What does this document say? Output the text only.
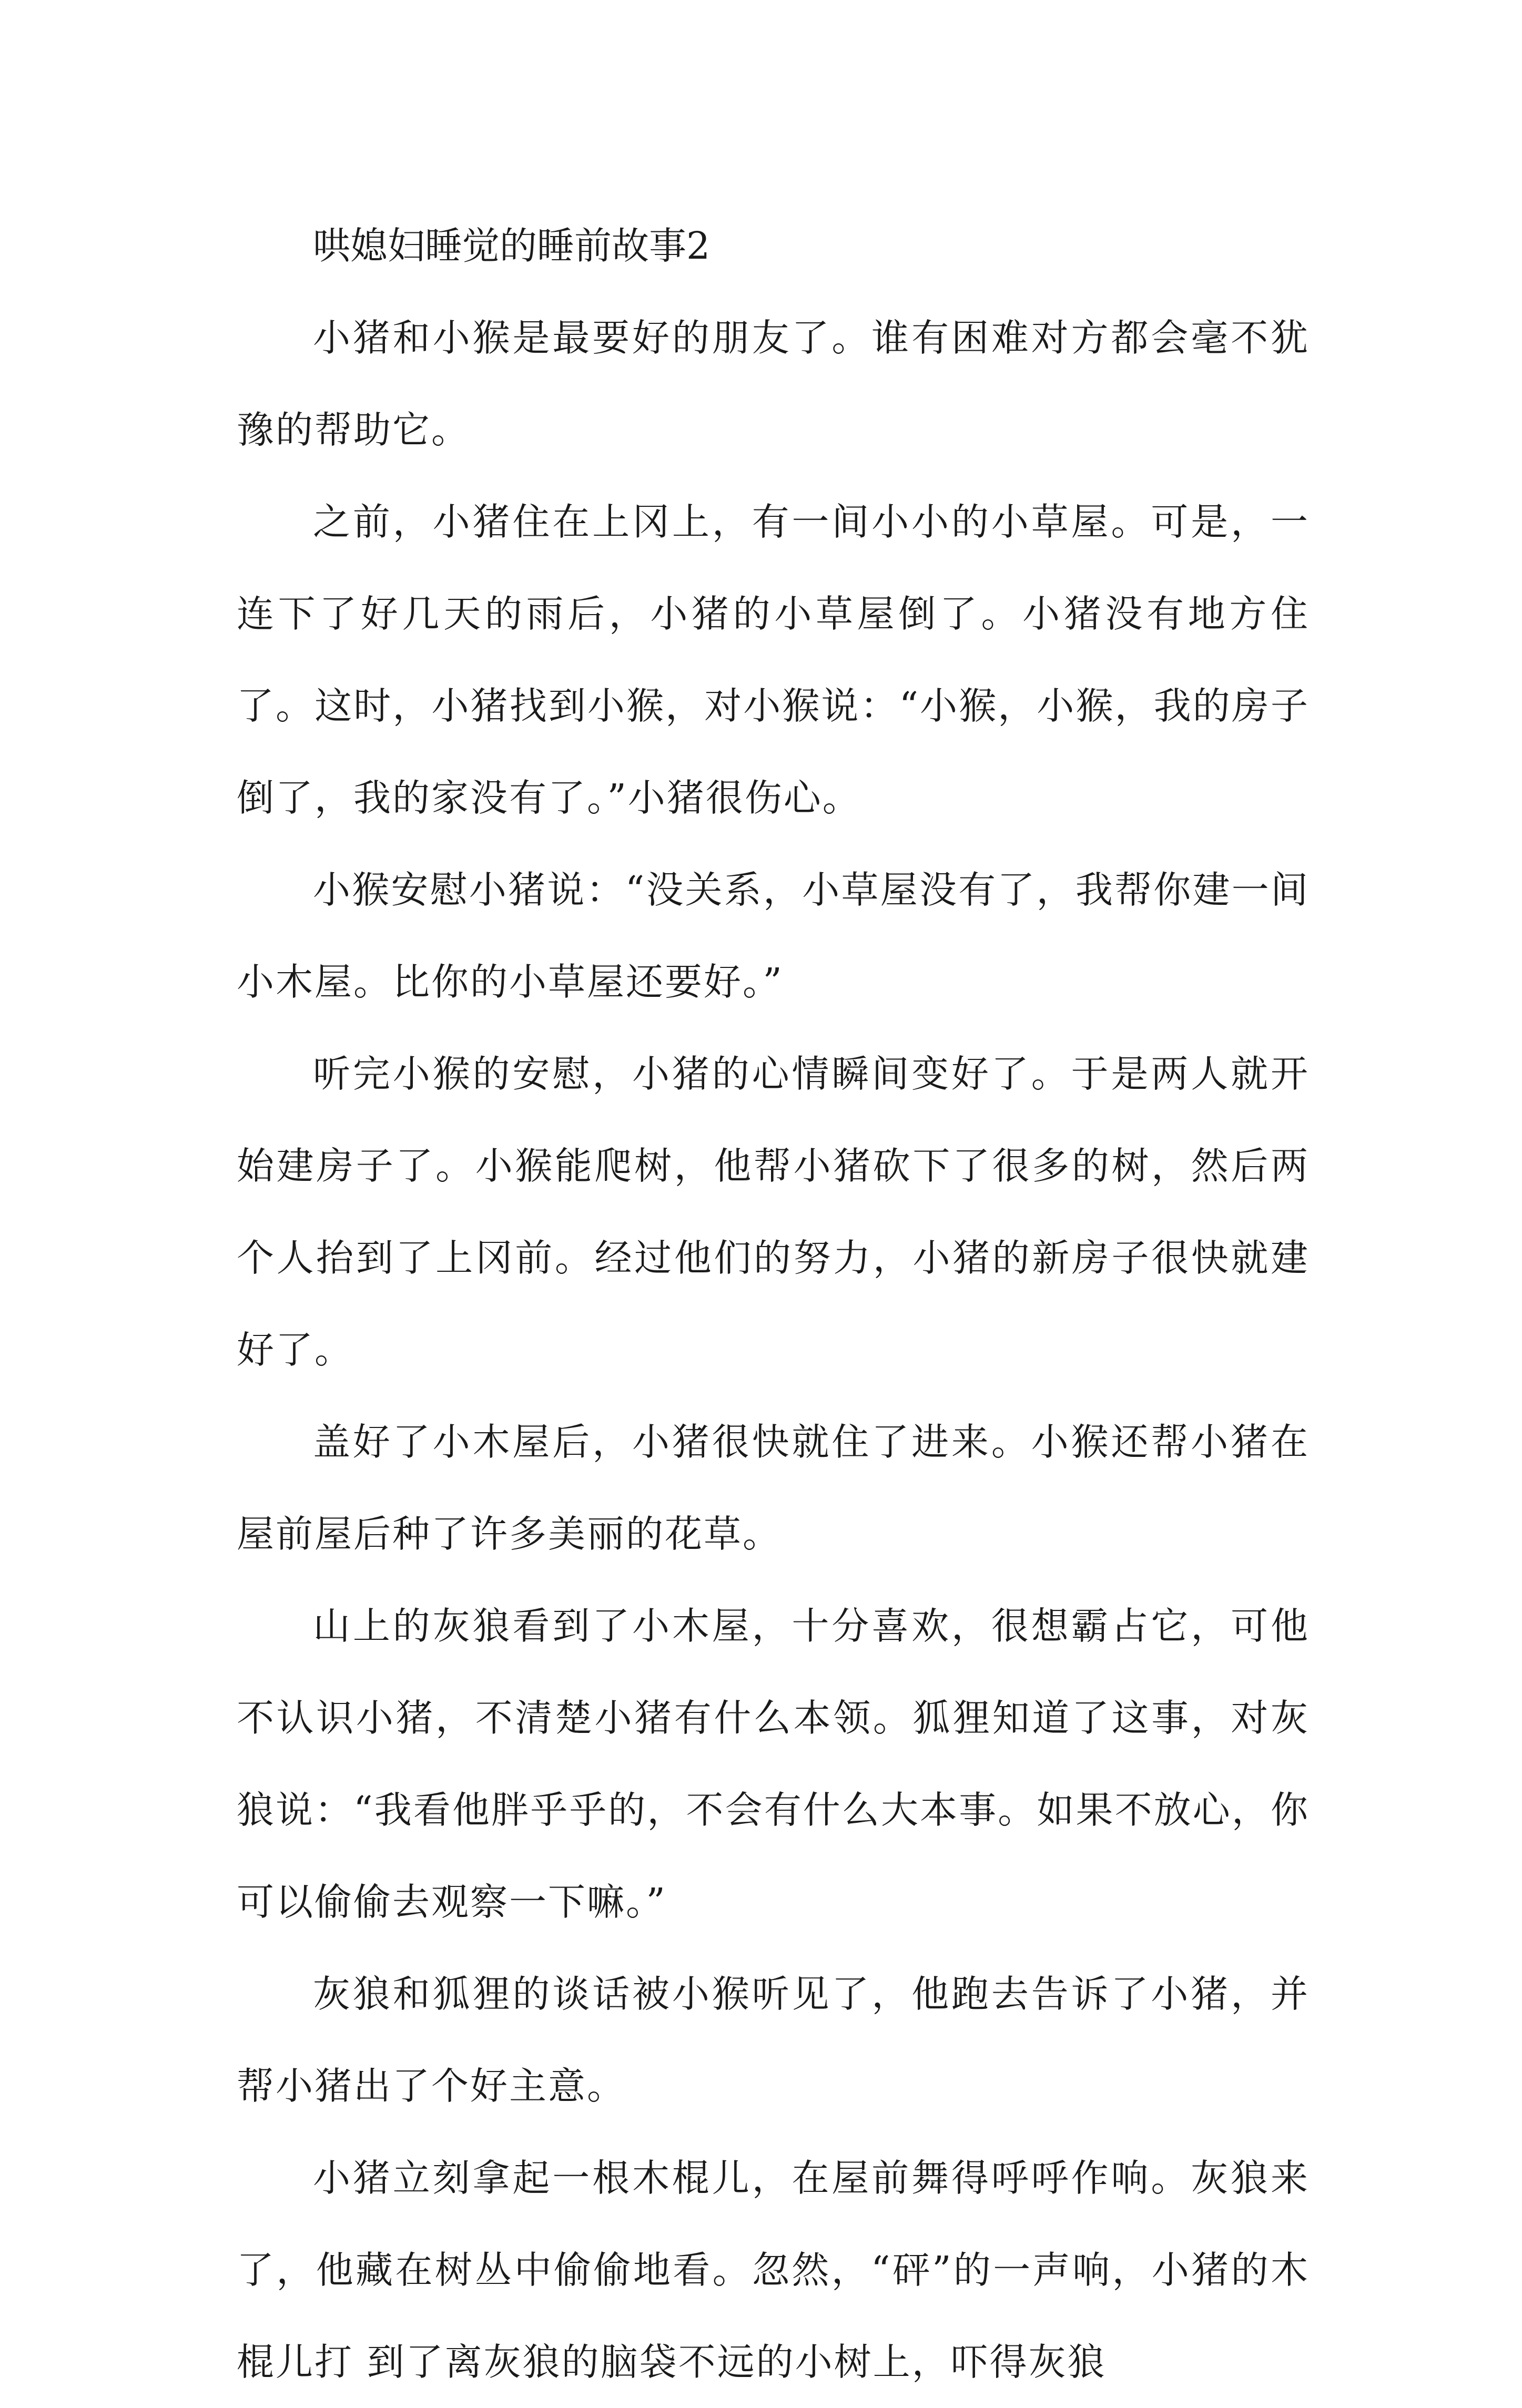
哄媳妇睡觉的睡前故事2

小猪和小猴是最要好的朋友了。谁有困难对方都会毫不犹豫的帮助它。

之前，小猪住在上冈上，有一间小小的小草屋。可是，一连下了好几天的雨后，小猪的小草屋倒了。小猪没有地方住了。这时，小猪找到小猴，对小猴说：“小猴，小猴，我的房子倒了，我的家没有了。”小猪很伤心。

小猴安慰小猪说：“没关系，小草屋没有了，我帮你建一间小木屋。比你的小草屋还要好。”

听完小猴的安慰，小猪的心情瞬间变好了。于是两人就开始建房子了。小猴能爬树，他帮小猪砍下了很多的树，然后两个人抬到了上冈前。经过他们的努力，小猪的新房子很快就建好了。

盖好了小木屋后，小猪很快就住了进来。小猴还帮小猪在屋前屋后种了许多美丽的花草。

山上的灰狼看到了小木屋，十分喜欢，很想霸占它，可他不认识小猪，不清楚小猪有什么本领。狐狸知道了这事，对灰狼说：“我看他胖乎乎的，不会有什么大本事。如果不放心，你可以偷偷去观察一下嘛。”

灰狼和狐狸的谈话被小猴听见了，他跑去告诉了小猪，并帮小猪出了个好主意。

小猪立刻拿起一根木棍儿，在屋前舞得呼呼作响。灰狼来了，他藏在树丛中偷偷地看。忽然，“砰”的一声响，小猪的木棍儿打 到了离灰狼的脑袋不远的小树上，吓得灰狼
